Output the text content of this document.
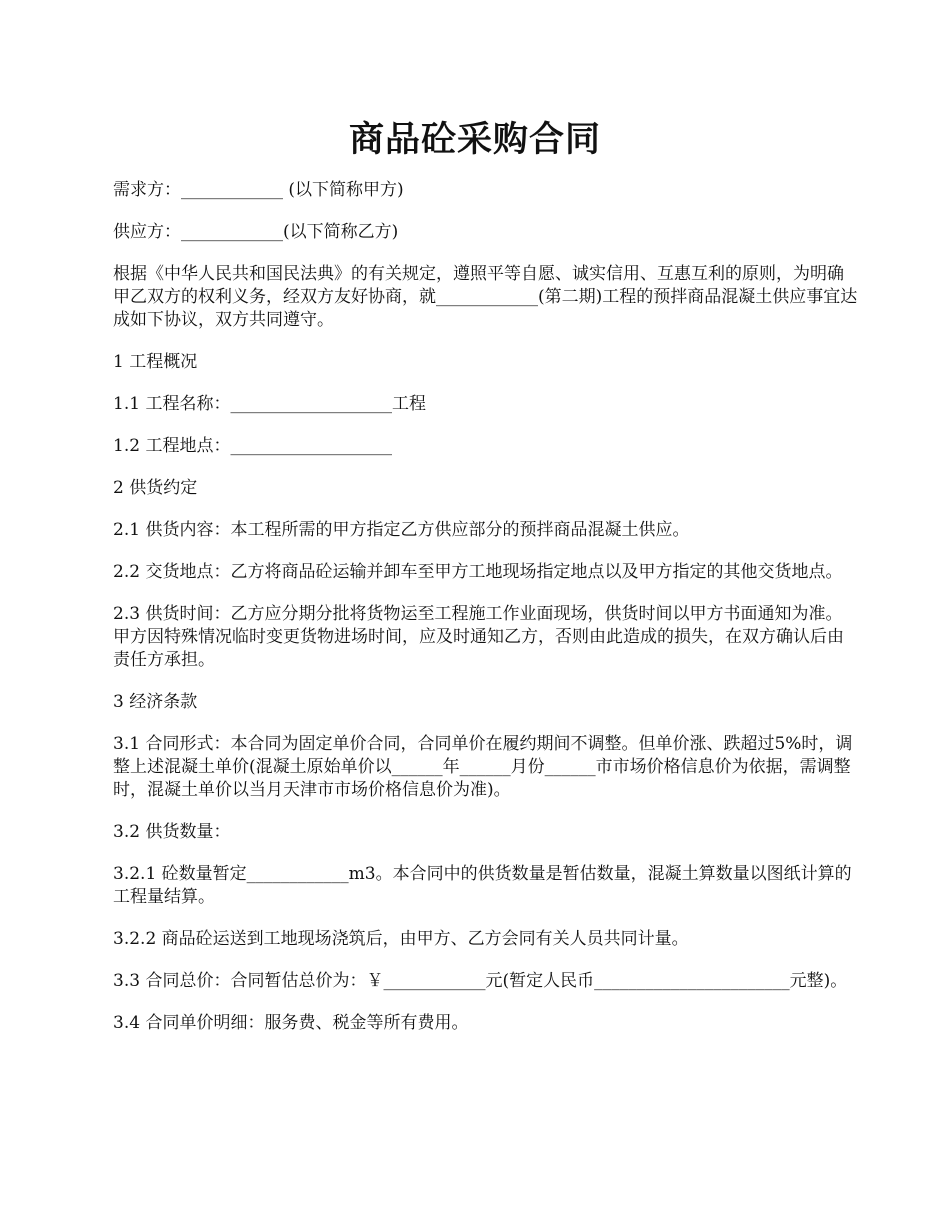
商品砼采购合同

需求方：____________ (以下简称甲方)

供应方：____________(以下简称乙方)

根据《中华人民共和国民法典》的有关规定，遵照平等自愿、诚实信用、互惠互利的原则，为明确甲乙双方的权利义务，经双方友好协商，就____________(第二期)工程的预拌商品混凝土供应事宜达成如下协议，双方共同遵守。

1 工程概况

1.1 工程名称：___________________工程

1.2 工程地点：___________________

2 供货约定

2.1 供货内容：本工程所需的甲方指定乙方供应部分的预拌商品混凝土供应。

2.2 交货地点：乙方将商品砼运输并卸车至甲方工地现场指定地点以及甲方指定的其他交货地点。

2.3 供货时间：乙方应分期分批将货物运至工程施工作业面现场，供货时间以甲方书面通知为准。甲方因特殊情况临时变更货物进场时间，应及时通知乙方，否则由此造成的损失，在双方确认后由责任方承担。

3 经济条款

3.1 合同形式：本合同为固定单价合同，合同单价在履约期间不调整。但单价涨、跌超过5%时，调整上述混凝土单价(混凝土原始单价以______年______月份______市市场价格信息价为依据，需调整时，混凝土单价以当月天津市市场价格信息价为准)。

3.2 供货数量：

3.2.1 砼数量暂定____________m3。本合同中的供货数量是暂估数量，混凝土算数量以图纸计算的工程量结算。

3.2.2 商品砼运送到工地现场浇筑后，由甲方、乙方会同有关人员共同计量。

3.3 合同总价：合同暂估总价为：￥____________元(暂定人民币_______________________元整)。

3.4 合同单价明细：服务费、税金等所有费用。
